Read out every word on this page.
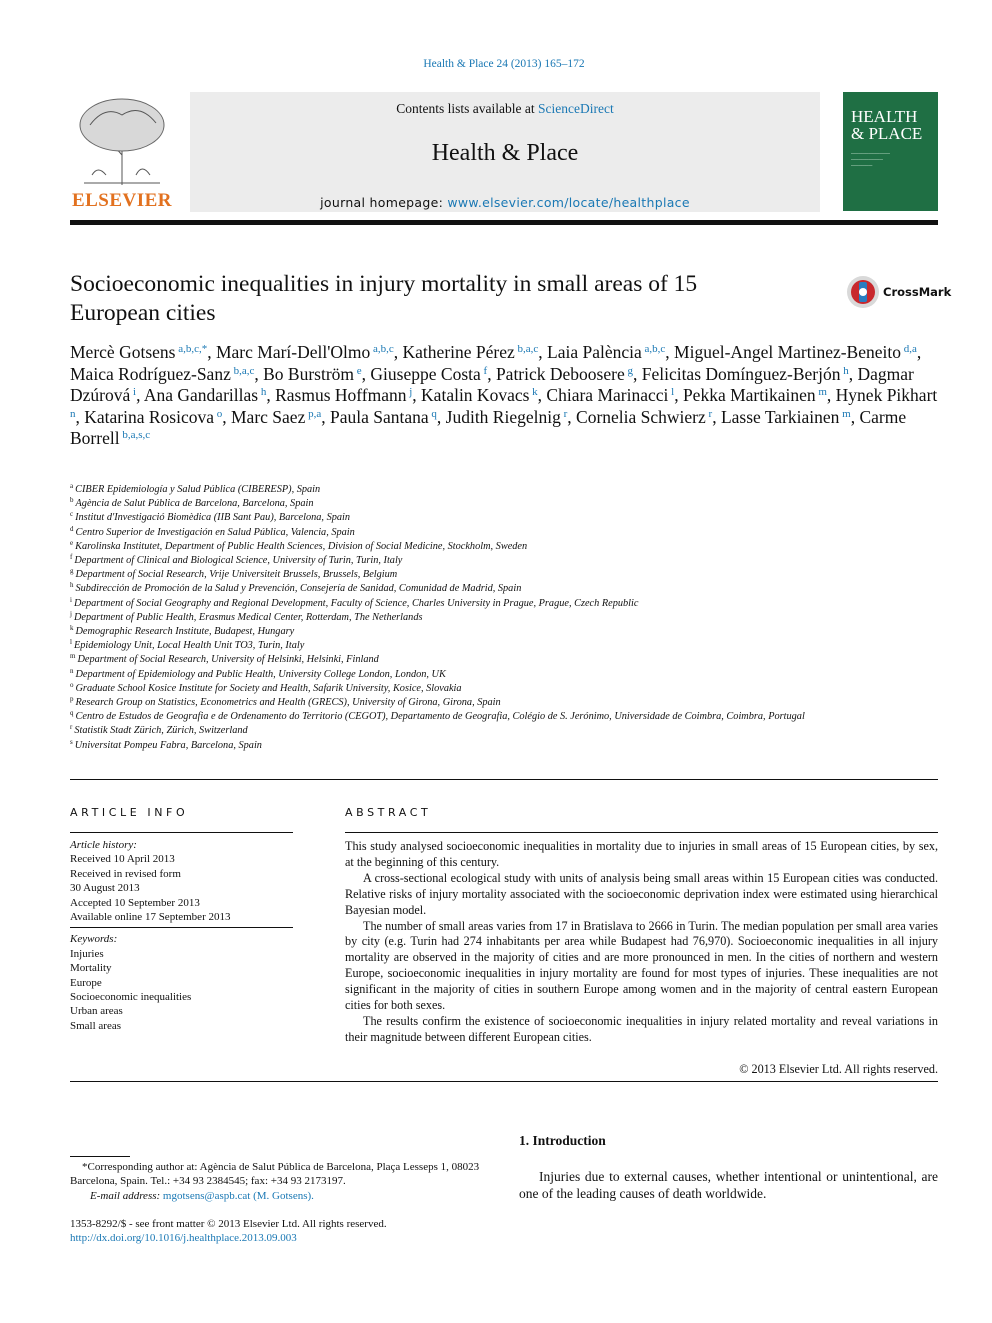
Health & Place 24 (2013) 165–172
ELSEVIER
Contents lists available at ScienceDirect
Health & Place
journal homepage: www.elsevier.com/locate/healthplace
HEALTH
& PLACE
───────────
─────────
──────
Socioeconomic inequalities in injury mortality in small areas of 15 European cities
CrossMark
Mercè Gotsens $^{a,b,c,*}$, Marc Marí-Dell'Olmo $^{a,b,c}$, Katherine Pérez $^{b,a,c}$, Laia Palència $^{a,b,c}$, Miguel-Angel Martinez-Beneito $^{d,a}$, Maica Rodríguez-Sanz $^{b,a,c}$, Bo Burström $^e$, Giuseppe Costa $^f$, Patrick Deboosere $^g$, Felicitas Domínguez-Berjón $^h$, Dagmar Dzúrová $^i$, Ana Gandarillas $^h$, Rasmus Hoffmann $^j$, Katalin Kovacs $^k$, Chiara Marinacci $^l$, Pekka Martikainen $^m$, Hynek Pikhart $^n$, Katarina Rosicova $^o$, Marc Saez $^{p,a}$, Paula Santana $^q$, Judith Riegelnig $^r$, Cornelia Schwierz $^r$, Lasse Tarkiainen $^m$, Carme Borrell $^{b,a,s,c}$
$^a$ CIBER Epidemiología y Salud Pública (CIBERESP), Spain
$^b$ Agència de Salut Pública de Barcelona, Barcelona, Spain
$^c$ Institut d'Investigació Biomèdica (IIB Sant Pau), Barcelona, Spain
$^d$ Centro Superior de Investigación en Salud Pública, Valencia, Spain
$^e$ Karolinska Institutet, Department of Public Health Sciences, Division of Social Medicine, Stockholm, Sweden
$^f$ Department of Clinical and Biological Science, University of Turin, Turin, Italy
$^g$ Department of Social Research, Vrije Universiteit Brussels, Brussels, Belgium
$^h$ Subdirección de Promoción de la Salud y Prevención, Consejería de Sanidad, Comunidad de Madrid, Spain
$^i$ Department of Social Geography and Regional Development, Faculty of Science, Charles University in Prague, Prague, Czech Republic
$^j$ Department of Public Health, Erasmus Medical Center, Rotterdam, The Netherlands
$^k$ Demographic Research Institute, Budapest, Hungary
$^l$ Epidemiology Unit, Local Health Unit TO3, Turin, Italy
$^m$ Department of Social Research, University of Helsinki, Helsinki, Finland
$^n$ Department of Epidemiology and Public Health, University College London, London, UK
$^o$ Graduate School Kosice Institute for Society and Health, Safarik University, Kosice, Slovakia
$^p$ Research Group on Statistics, Econometrics and Health (GRECS), University of Girona, Girona, Spain
$^q$ Centro de Estudos de Geografia e de Ordenamento do Territorio (CEGOT), Departamento de Geografia, Colégio de S. Jerónimo, Universidade de Coimbra, Coimbra, Portugal
$^r$ Statistik Stadt Zürich, Zürich, Switzerland
$^s$ Universitat Pompeu Fabra, Barcelona, Spain
ARTICLE INFO
Article history:
Received 10 April 2013
Received in revised form
30 August 2013
Accepted 10 September 2013
Available online 17 September 2013
Keywords:
Injuries
Mortality
Europe
Socioeconomic inequalities
Urban areas
Small areas
ABSTRACT

This study analysed socioeconomic inequalities in mortality due to injuries in small areas of 15 European cities, by sex, at the beginning of this century.

A cross-sectional ecological study with units of analysis being small areas within 15 European cities was conducted. Relative risks of injury mortality associated with the socioeconomic deprivation index were estimated using hierarchical Bayesian model.

The number of small areas varies from 17 in Bratislava to 2666 in Turin. The median population per small area varies by city (e.g. Turin had 274 inhabitants per area while Budapest had 76,970). Socioeconomic inequalities in all injury mortality are observed in the majority of cities and are more pronounced in men. In the cities of northern and western Europe, socioeconomic inequalities in injury mortality are found for most types of injuries. These inequalities are not significant in the majority of cities in southern Europe among women and in the majority of central eastern European cities for both sexes.

The results confirm the existence of socioeconomic inequalities in injury related mortality and reveal variations in their magnitude between different European cities.

© 2013 Elsevier Ltd. All rights reserved.
*Corresponding author at: Agència de Salut Pública de Barcelona, Plaça Lesseps 1, 08023 Barcelona, Spain. Tel.: +34 93 2384545; fax: +34 93 2173197.
E-mail address: mgotsens@aspb.cat (M. Gotsens).
1353-8292/$ - see front matter © 2013 Elsevier Ltd. All rights reserved.
http://dx.doi.org/10.1016/j.healthplace.2013.09.003
1. Introduction
Injuries due to external causes, whether intentional or unintentional, are one of the leading causes of death worldwide.
